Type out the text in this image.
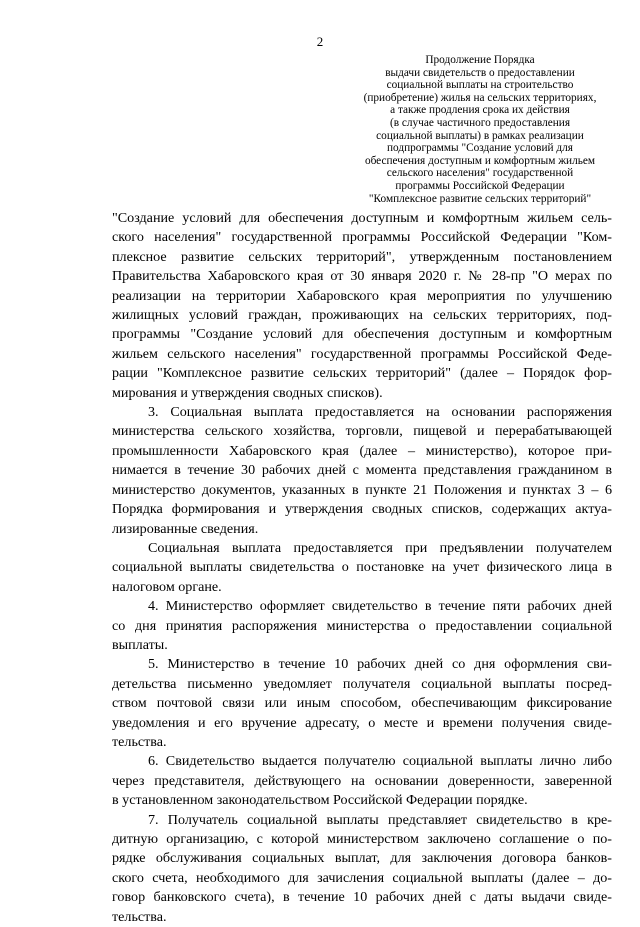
2
Продолжение Порядка
выдачи свидетельств о предоставлении
социальной выплаты на строительство
(приобретение) жилья на сельских территориях,
а также продления срока их действия
(в случае частичного предоставления
социальной выплаты) в рамках реализации
подпрограммы "Создание условий для
обеспечения доступным и комфортным жильем
сельского населения" государственной
программы Российской Федерации
"Комплексное развитие сельских территорий"
"Создание условий для обеспечения доступным и комфортным жильем сель-
ского населения" государственной программы Российской Федерации "Ком-
плексное развитие сельских территорий", утвержденным постановлением
Правительства Хабаровского края от 30 января 2020 г. № 28-пр "О мерах по
реализации на территории Хабаровского края мероприятия по улучшению
жилищных условий граждан, проживающих на сельских территориях, под-
программы "Создание условий для обеспечения доступным и комфортным
жильем сельского населения" государственной программы Российской Феде-
рации "Комплексное развитие сельских территорий" (далее – Порядок фор-
мирования и утверждения сводных списков).
3. Социальная выплата предоставляется на основании распоряжения
министерства сельского хозяйства, торговли, пищевой и перерабатывающей
промышленности Хабаровского края (далее – министерство), которое при-
нимается в течение 30 рабочих дней с момента представления гражданином в
министерство документов, указанных в пункте 21 Положения и пунктах 3 – 6
Порядка формирования и утверждения сводных списков, содержащих актуа-
лизированные сведения.
Социальная выплата предоставляется при предъявлении получателем
социальной выплаты свидетельства о постановке на учет физического лица в
налоговом органе.
4. Министерство оформляет свидетельство в течение пяти рабочих дней
со дня принятия распоряжения министерства о предоставлении социальной
выплаты.
5. Министерство в течение 10 рабочих дней со дня оформления сви-
детельства письменно уведомляет получателя социальной выплаты посред-
ством почтовой связи или иным способом, обеспечивающим фиксирование
уведомления и его вручение адресату, о месте и времени получения свиде-
тельства.
6. Свидетельство выдается получателю социальной выплаты лично либо
через представителя, действующего на основании доверенности, заверенной
в установленном законодательством Российской Федерации порядке.
7. Получатель социальной выплаты представляет свидетельство в кре-
дитную организацию, с которой министерством заключено соглашение о по-
рядке обслуживания социальных выплат, для заключения договора банков-
ского счета, необходимого для зачисления социальной выплаты (далее – до-
говор банковского счета), в течение 10 рабочих дней с даты выдачи свиде-
тельства.
